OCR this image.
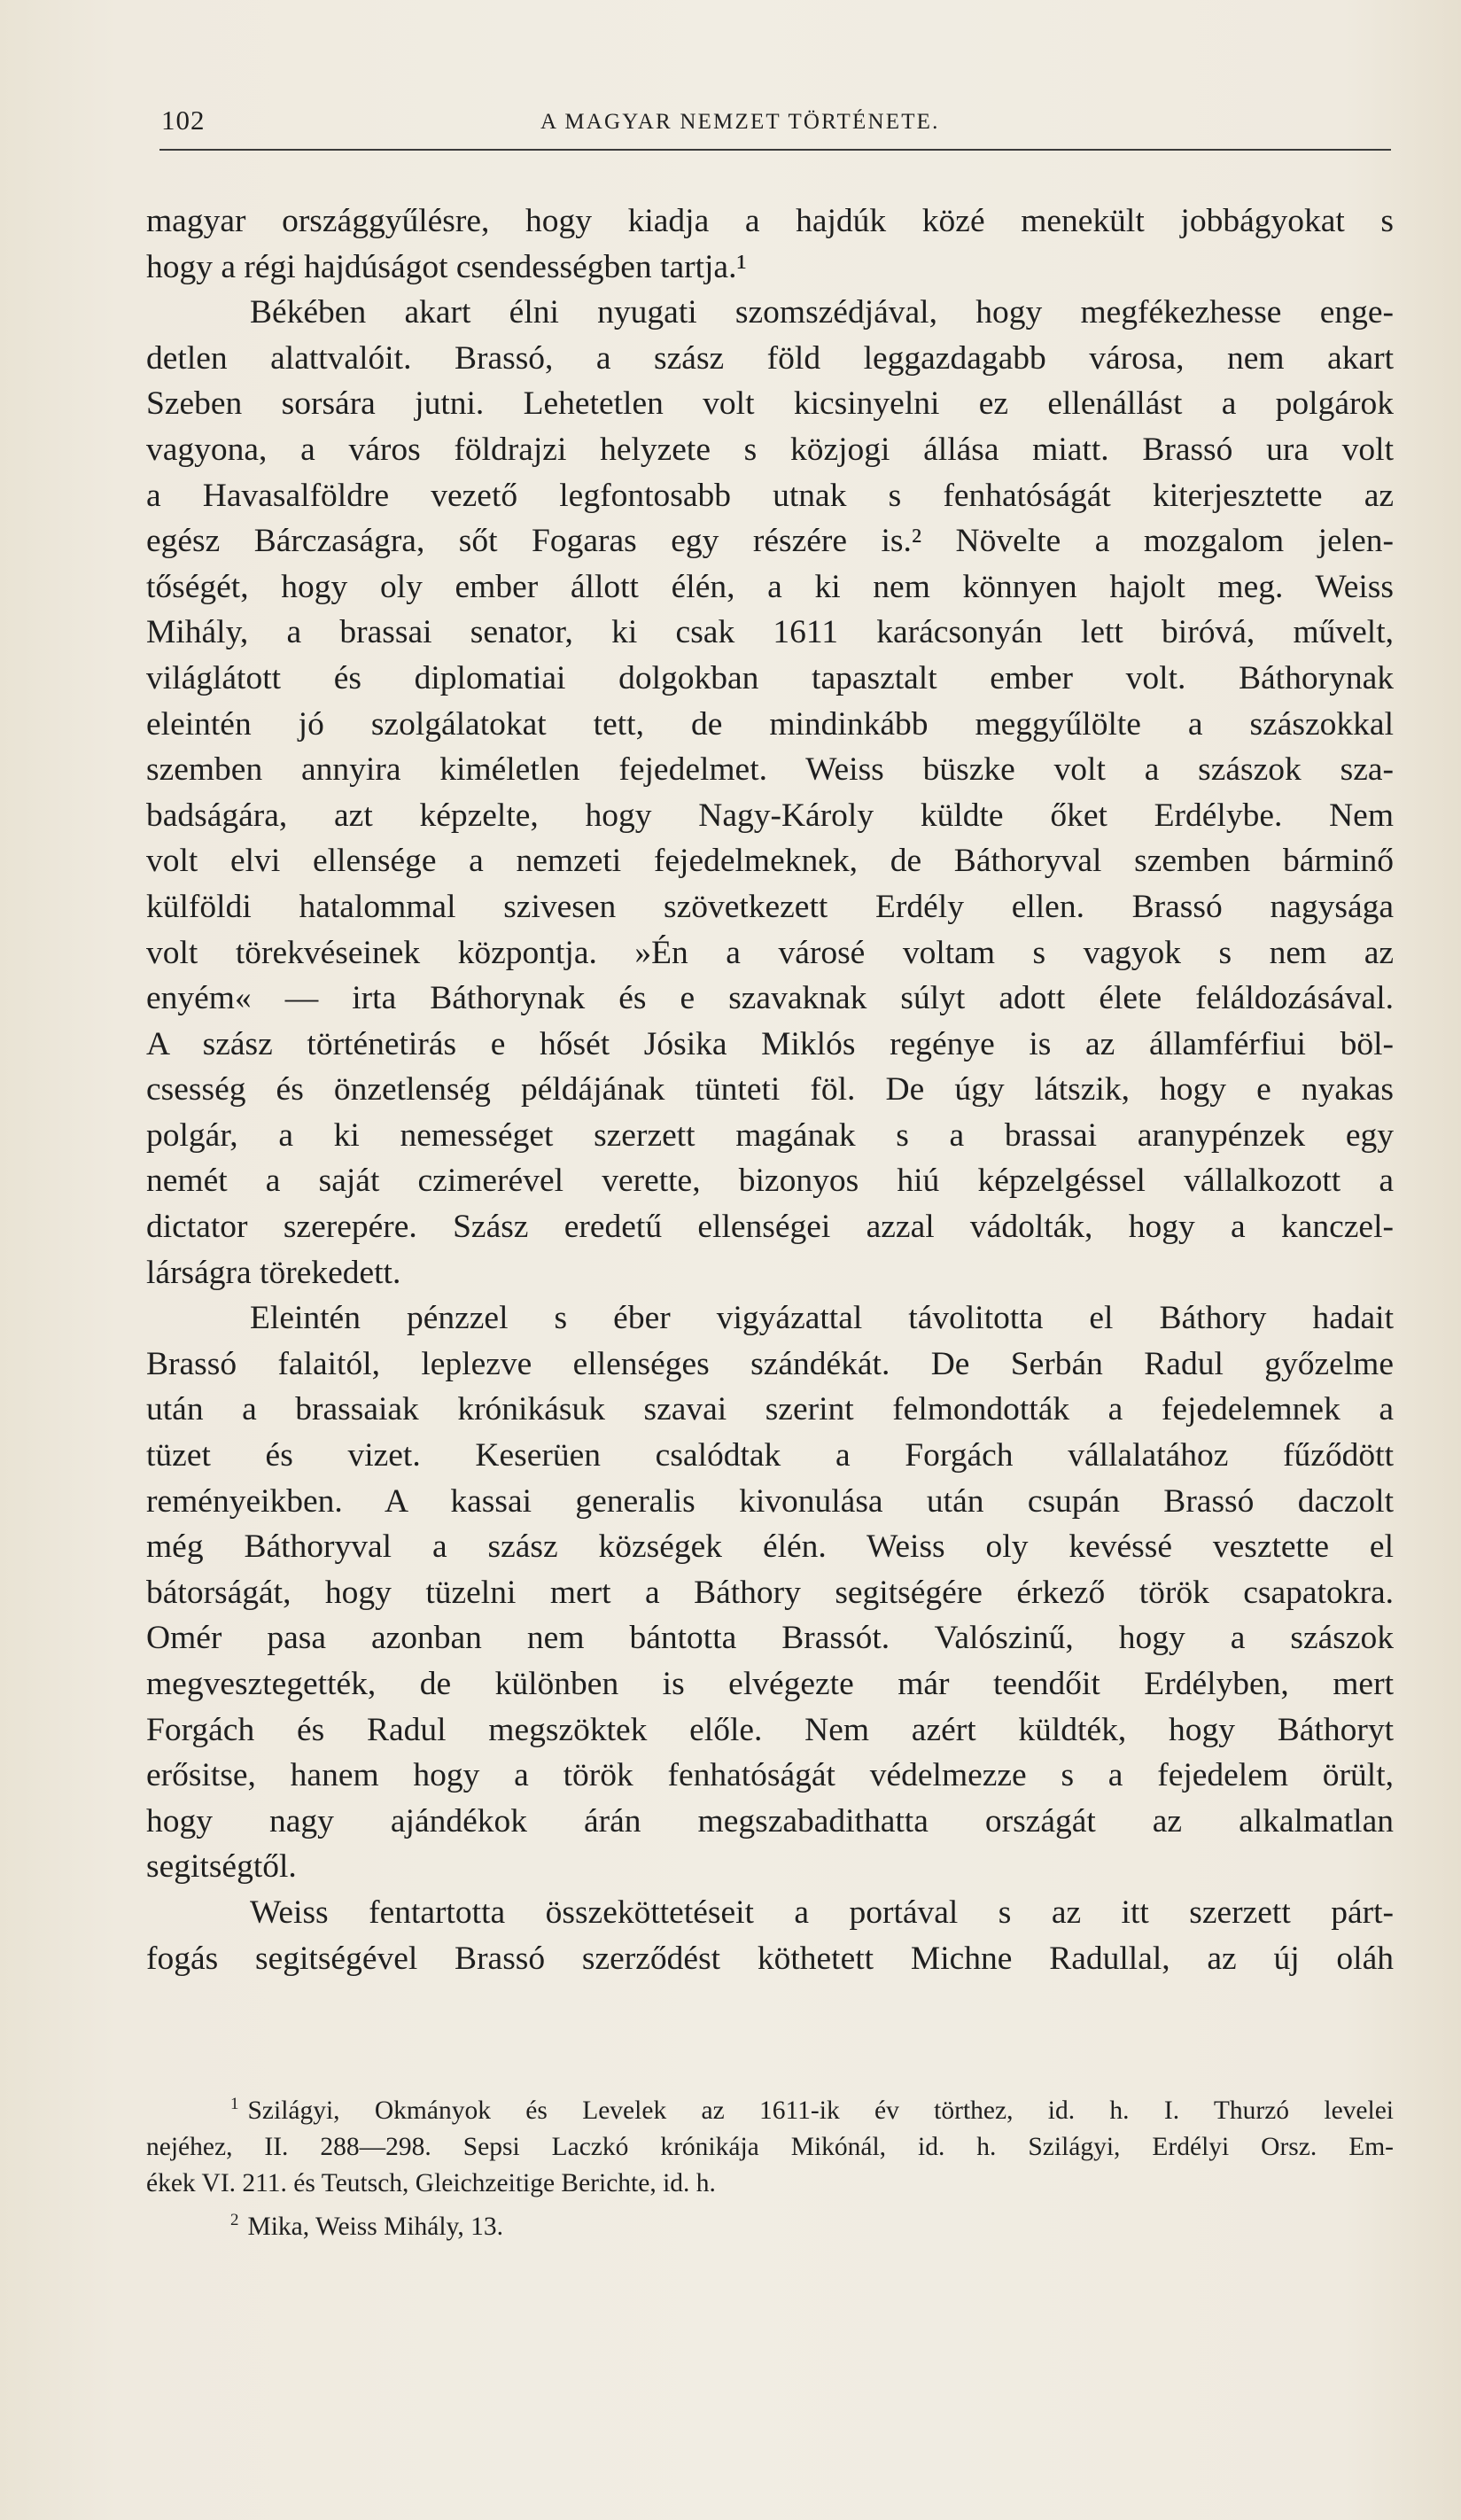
102	A MAGYAR NEMZET TÖRTÉNETE.
magyar országgyűlésre, hogy kiadja a hajdúk közé menekült jobbágyokat s
hogy a régi hajdúságot csendességben tartja.¹
Békében akart élni nyugati szomszédjával, hogy megfékezhesse enge-
detlen alattvalóit. Brassó, a szász föld leggazdagabb városa, nem akart
Szeben sorsára jutni. Lehetetlen volt kicsinyelni ez ellenállást a polgárok
vagyona, a város földrajzi helyzete s közjogi állása miatt. Brassó ura volt
a Havasalföldre vezető legfontosabb utnak s fenhatóságát kiterjesztette az
egész Bárczaságra, sőt Fogaras egy részére is.² Növelte a mozgalom jelen-
tőségét, hogy oly ember állott élén, a ki nem könnyen hajolt meg. Weiss
Mihály, a brassai senator, ki csak 1611 karácsonyán lett biróvá, művelt,
világlátott és diplomatiai dolgokban tapasztalt ember volt. Báthorynak
eleintén jó szolgálatokat tett, de mindinkább meggyűlölte a szászokkal
szemben annyira kiméletlen fejedelmet. Weiss büszke volt a szászok sza-
badságára, azt képzelte, hogy Nagy-Károly küldte őket Erdélybe. Nem
volt elvi ellensége a nemzeti fejedelmeknek, de Báthoryval szemben bárminő
külföldi hatalommal szivesen szövetkezett Erdély ellen. Brassó nagysága
volt törekvéseinek központja. »Én a városé voltam s vagyok s nem az
enyém« — irta Báthorynak és e szavaknak súlyt adott élete feláldozásával.
A szász történetirás e hősét Jósika Miklós regénye is az államférfiui böl-
csesség és önzetlenség példájának tünteti föl. De úgy látszik, hogy e nyakas
polgár, a ki nemességet szerzett magának s a brassai aranypénzek egy
nemét a saját czimerével verette, bizonyos hiú képzelgéssel vállalkozott a
dictator szerepére. Szász eredetű ellenségei azzal vádolták, hogy a kanczel-
lárságra törekedett.
Eleintén pénzzel s éber vigyázattal távolitotta el Báthory hadait
Brassó falaitól, leplezve ellenséges szándékát. De Serbán Radul győzelme
után a brassaiak krónikásuk szavai szerint felmondották a fejedelemnek a
tüzet és vizet. Keserüen csalódtak a Forgách vállalatához fűződött
reményeikben. A kassai generalis kivonulása után csupán Brassó daczolt
még Báthoryval a szász községek élén. Weiss oly kevéssé vesztette el
bátorságát, hogy tüzelni mert a Báthory segitségére érkező török csapatokra.
Omér pasa azonban nem bántotta Brassót. Valószinű, hogy a szászok
megvesztegették, de különben is elvégezte már teendőit Erdélyben, mert
Forgách és Radul megszöktek előle. Nem azért küldték, hogy Báthoryt
erősitse, hanem hogy a török fenhatóságát védelmezze s a fejedelem örült,
hogy nagy ajándékok árán megszabadithatta országát az alkalmatlan
segitségtől.
Weiss fentartotta összeköttetéseit a portával s az itt szerzett párt-
fogás segitségével Brassó szerződést köthetett Michne Radullal, az új oláh
$^1$ Szilágyi, Okmányok és Levelek az 1611-ik év törthez, id. h. I. Thurzó levelei
nejéhez, II. 288—298. Sepsi Laczkó krónikája Mikónál, id. h. Szilágyi, Erdélyi Orsz. Em-
ékek VI. 211. és Teutsch, Gleichzeitige Berichte, id. h.
$^2$ Mika, Weiss Mihály, 13.
